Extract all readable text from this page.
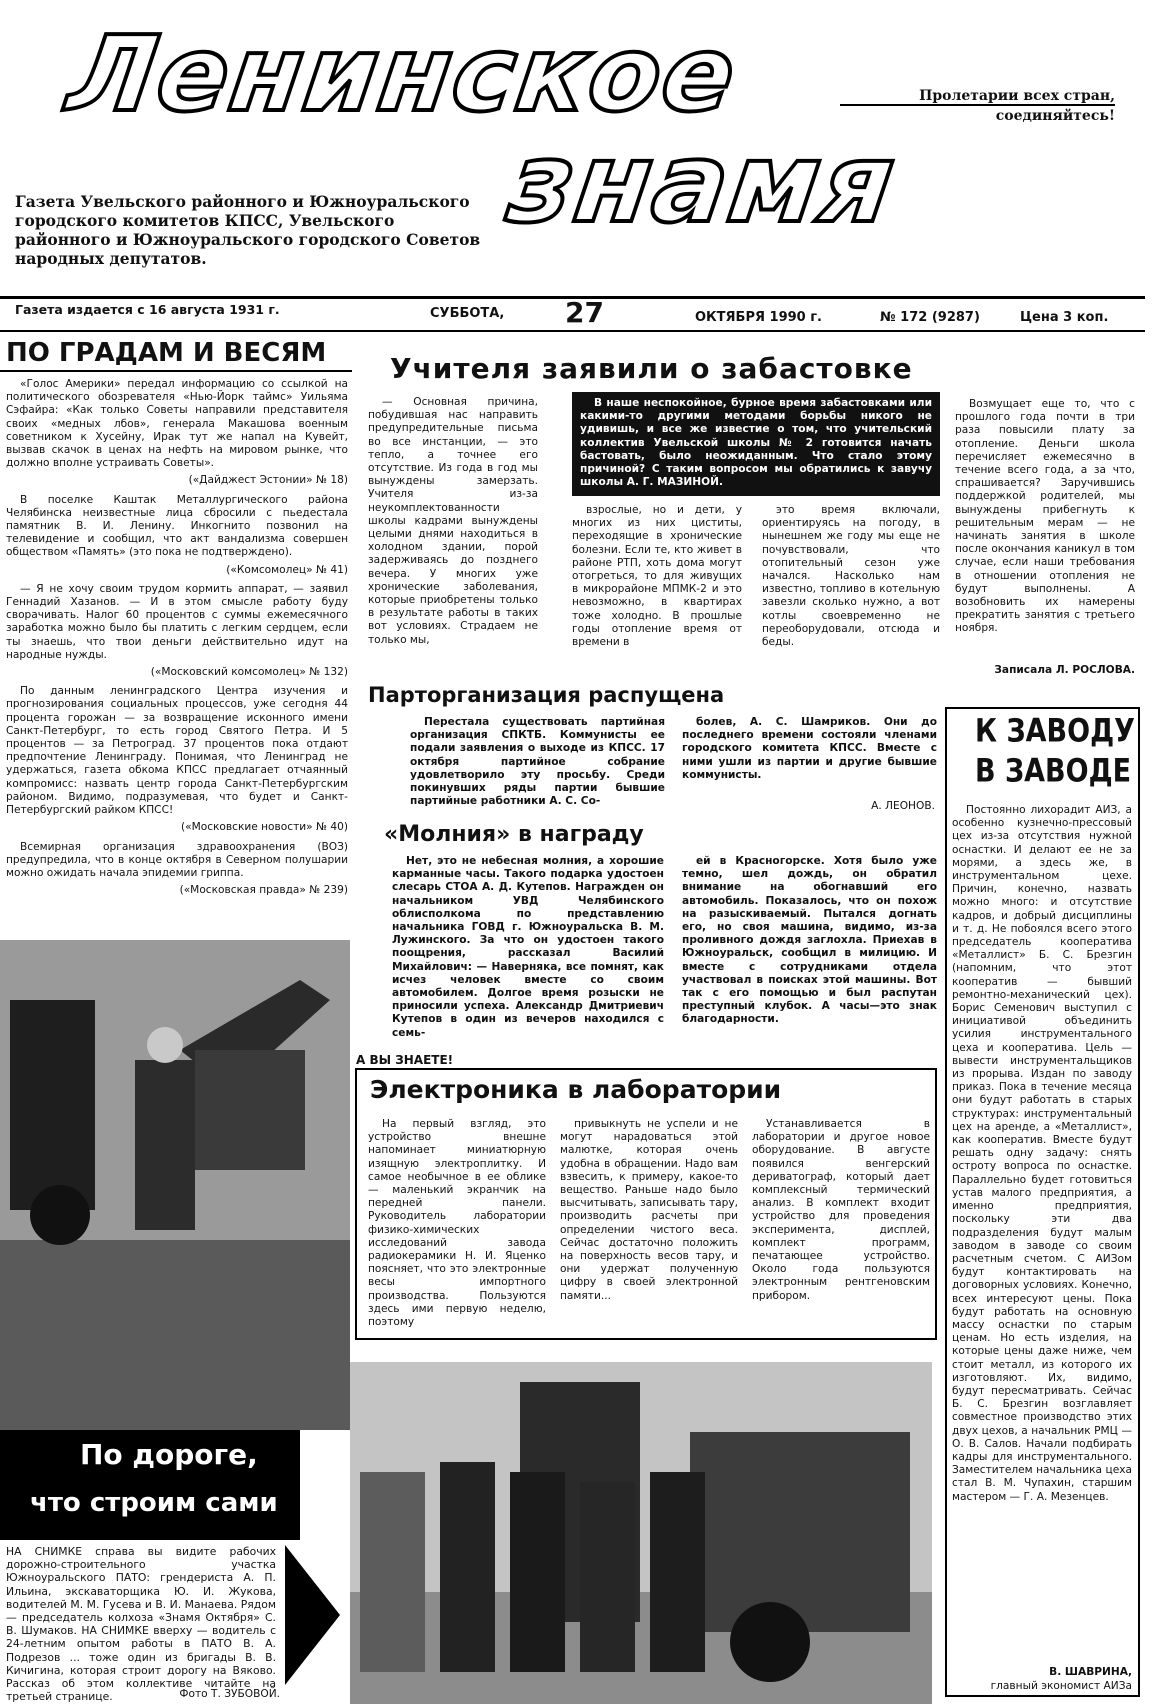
Ленинское
знамя
Пролетарии всех стран,
соединяйтесь!
Газета Увельского районного и Южноуральского городского комитетов КПСС, Увельского районного и Южноуральского городского Советов народных депутатов.
Газета издается с 16 августа 1931 г.	СУББОТА, 27	ОКТЯБРЯ 1990 г.	№ 172 (9287)	Цена 3 коп.
ПО ГРАДАМ И ВЕСЯМ

«Голос Америки» передал информацию со ссылкой на политического обозревателя «Нью-Йорк таймс» Уильяма Сэфайра: «Как только Советы направили представителя своих «медных лбов», генерала Макашова военным советником к Хусейну, Ирак тут же напал на Кувейт, вызвав скачок в ценах на нефть на мировом рынке, что должно вполне устраивать Советы».

(«Дайджест Эстонии» № 18)

В поселке Каштак Металлургического района Челябинска неизвестные лица сбросили с пьедестала памятник В. И. Ленину. Инкогнито позвонил на телевидение и сообщил, что акт вандализма совершен обществом «Память» (это пока не подтверждено).

(«Комсомолец» № 41)

— Я не хочу своим трудом кормить аппарат, — заявил Геннадий Хазанов. — И в этом смысле работу буду сворачивать. Налог 60 процентов с суммы ежемесячного заработка можно было бы платить с легким сердцем, если ты знаешь, что твои деньги действительно идут на народные нужды.

(«Московский комсомолец» № 132)

По данным ленинградского Центра изучения и прогнозирования социальных процессов, уже сегодня 44 процента горожан — за возвращение исконного имени Санкт-Петербург, то есть город Святого Петра. И 5 процентов — за Петроград. 37 процентов пока отдают предпочтение Ленинграду. Понимая, что Ленинград не удержаться, газета обкома КПСС предлагает отчаянный компромисс: назвать центр города Санкт-Петербургским районом. Видимо, подразумевая, что будет и Санкт-Петербургский райком КПСС!

(«Московские новости» № 40)

Всемирная организация здравоохранения (ВОЗ) предупредила, что в конце октября в Северном полушарии можно ожидать начала эпидемии гриппа.

(«Московская правда» № 239)
По дороге,
что строим сами
НА СНИМКЕ справа вы видите рабочих дорожно-строительного участка Южноуральского ПАТО: грендериста А. П. Ильина, экскаваторщика Ю. И. Жукова, водителей М. М. Гусева и В. И. Манаева. Рядом — председатель колхоза «Знамя Октября» С. В. Шумаков. НА СНИМКЕ вверху — водитель с 24-летним опытом работы в ПАТО В. А. Подрезов ... тоже один из бригады В. В. Кичигина, которая строит дорогу на Вяково. Рассказ об этом коллективе читайте на третьей странице.	Фото Т. ЗУБОВОЙ.
Учителя заявили о забастовке
— Основная причина, побудившая нас направить предупредительные письма во все инстанции, — это тепло, а точнее его отсутствие. Из года в год мы вынуждены замерзать. Учителя из-за неукомплектованности школы кадрами вынуждены целыми днями находиться в холодном здании, порой задерживаясь до позднего вечера. У многих уже хронические заболевания, которые приобретены только в результате работы в таких вот условиях. Страдаем не только мы,
В наше неспокойное, бурное время забастовками или какими-то другими методами борьбы никого не удивишь, и все же известие о том, что учительский коллектив Увельской школы № 2 готовится начать бастовать, было неожиданным. Что стало этому причиной? С таким вопросом мы обратились к завучу школы А. Г. МАЗИНОЙ.
взрослые, но и дети, у многих из них циститы, переходящие в хронические болезни. Если те, кто живет в районе РТП, хоть дома могут отогреться, то для живущих в микрорайоне МПМК-2 и это невозможно, в квартирах тоже холодно. В прошлые годы отопление время от времени в
это время включали, ориентируясь на погоду, в нынешнем же году мы еще не почувствовали, что отопительный сезон уже начался. Насколько нам известно, топливо в котельную завезли сколько нужно, а вот котлы своевременно не переоборудовали, отсюда и беды.
Возмущает еще то, что с прошлого года почти в три раза повысили плату за отопление. Деньги школа перечисляет ежемесячно в течение всего года, а за что, спрашивается? Заручившись поддержкой родителей, мы вынуждены прибегнуть к решительным мерам — не начинать занятия в школе после окончания каникул в том случае, если наши требования в отношении отопления не будут выполнены. А возобновить их намерены прекратить занятия с третьего ноября.
Записала Л. РОСЛОВА.
Парторганизация распущена
Перестала существовать партийная организация СПКТБ. Коммунисты ее подали заявления о выходе из КПСС. 17 октября партийное собрание удовлетворило эту просьбу. Среди покинувших ряды партии бывшие партийные работники А. С. Со-
болев, А. С. Шамриков. Они до последнего времени состояли членами городского комитета КПСС. Вместе с ними ушли из партии и другие бывшие коммунисты.
А. ЛЕОНОВ.
«Молния» в награду
Нет, это не небесная молния, а хорошие карманные часы. Такого подарка удостоен слесарь СТОА А. Д. Кутепов. Награжден он начальником УВД Челябинского облисполкома по представлению начальника ГОВД г. Южноуральска В. М. Лужинского. За что он удостоен такого поощрения, рассказал Василий Михайлович: — Наверняка, все помнят, как исчез человек вместе со своим автомобилем. Долгое время розыски не приносили успеха. Александр Дмитриевич Кутепов в один из вечеров находился с семь-
ей в Красногорске. Хотя было уже темно, шел дождь, он обратил внимание на обогнавший его автомобиль. Показалось, что он похож на разыскиваемый. Пытался догнать его, но своя машина, видимо, из-за проливного дождя заглохла. Приехав в Южноуральск, сообщил в милицию. И вместе с сотрудниками отдела участвовал в поисках этой машины. Вот так с его помощью и был распутан преступный клубок. А часы—это знак благодарности.
А ВЫ ЗНАЕТЕ!
Электроника в лаборатории
На первый взгляд, это устройство внешне напоминает миниатюрную изящную электроплитку. И самое необычное в ее облике — маленький экранчик на передней панели. Руководитель лаборатории физико-химических исследований завода радиокерамики Н. И. Яценко поясняет, что это электронные весы импортного производства. Пользуются здесь ими первую неделю, поэтому
привыкнуть не успели и не могут нарадоваться этой малютке, которая очень удобна в обращении. Надо вам взвесить, к примеру, какое-то вещество. Раньше надо было высчитывать, записывать тару, производить расчеты при определении чистого веса. Сейчас достаточно положить на поверхность весов тару, и они удержат полученную цифру в своей электронной памяти...
Устанавливается в лаборатории и другое новое оборудование. В августе появился венгерский дериватограф, который дает комплексный термический анализ. В комплект входит устройство для проведения эксперимента, дисплей, комплект программ, печатающее устройство. Около года пользуются электронным рентгеновским прибором.
К ЗАВОДУ
В ЗАВОДЕ
Постоянно лихорадит АИЗ, а особенно кузнечно-прессовый цех из-за отсутствия нужной оснастки. И делают ее не за морями, а здесь же, в инструментальном цехе. Причин, конечно, назвать можно много: и отсутствие кадров, и добрый дисциплины и т. д. Не побоялся всего этого председатель кооператива «Металлист» Б. С. Брезгин (напомним, что этот кооператив — бывший ремонтно-механический цех). Борис Семенович выступил с инициативой объединить усилия инструментального цеха и кооператива. Цель — вывести инструментальщиков из прорыва. Издан по заводу приказ. Пока в течение месяца они будут работать в старых структурах: инструментальный цех на аренде, а «Металлист», как кооператив. Вместе будут решать одну задачу: снять остроту вопроса по оснастке. Параллельно будет готовиться устав малого предприятия, а именно предприятия, поскольку эти два подразделения будут малым заводом в заводе со своим расчетным счетом. С АИЗом будут контактировать на договорных условиях. Конечно, всех интересуют цены. Пока будут работать на основную массу оснастки по старым ценам. Но есть изделия, на которые цены даже ниже, чем стоит металл, из которого их изготовляют. Их, видимо, будут пересматривать. Сейчас Б. С. Брезгин возглавляет совместное производство этих двух цехов, а начальник РМЦ — О. В. Салов. Начали подбирать кадры для инструментального. Заместителем начальника цеха стал В. М. Чупахин, старшим мастером — Г. А. Мезенцев.
В. ШАВРИНА,
главный экономист АИЗа
